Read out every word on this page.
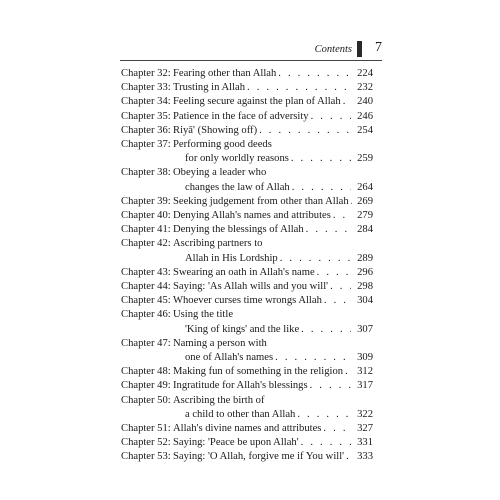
Contents 7
Chapter 32: Fearing other than Allah . . .	224
Chapter 33: Trusting in Allah . . .	232
Chapter 34: Feeling secure against the plan of Allah . . .	240
Chapter 35: Patience in the face of adversity . . .	246
Chapter 36: Riyā' (Showing off) . . .	254
Chapter 37: Performing good deeds
for only worldly reasons . . .	259
Chapter 38: Obeying a leader who
changes the law of Allah . . .	264
Chapter 39: Seeking judgement from other than Allah . . . 269
Chapter 40: Denying Allah's names and attributes . . .	279
Chapter 41: Denying the blessings of Allah . . .	284
Chapter 42: Ascribing partners to
Allah in His Lordship . . .	289
Chapter 43: Swearing an oath in Allah's name . . .	296
Chapter 44: Saying: 'As Allah wills and you will' . . .	298
Chapter 45: Whoever curses time wrongs Allah . . .	304
Chapter 46: Using the title
'King of kings' and the like . . .	307
Chapter 47: Naming a person with
one of Allah's names . . .	309
Chapter 48: Making fun of something in the religion . . .	312
Chapter 49: Ingratitude for Allah's blessings . . .	317
Chapter 50: Ascribing the birth of
a child to other than Allah . . .	322
Chapter 51: Allah's divine names and attributes . . .	327
Chapter 52: Saying: 'Peace be upon Allah' . . .	331
Chapter 53: Saying: 'O Allah, forgive me if You will' . . .	333
